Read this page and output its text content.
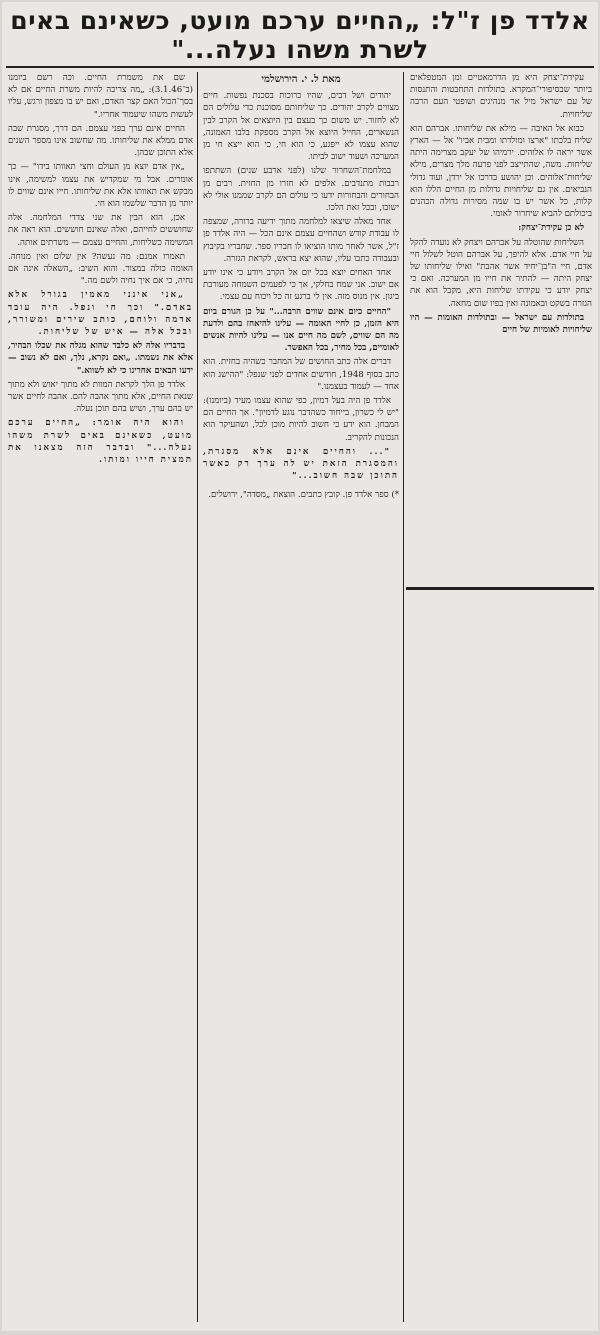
אלדד פן ז"ל: „החיים ערכם מועט, כשאינם באים
לשרת משהו נעלה..."

עקידת־יצחק היא מן הדרמאטיים ומן המטפלאים ביותר שבסיפורי־המקרא. בתולדות התחבטות והתנסות של עם ישראל מיל אר מנהיגים ושופטי העם הרבה שליחויות.

כבוא אל האיבה — מילא את שליחותו. אברהם הוא שליח בלכתו "ארצו ומולדתו ומבית אביו" אל — הארץ אשר יראה לו אלוהים. ירמיהו של יעקב מצרימה היתה שליחות. משה, שהתייצב לפני פרעה מלך מצרים, מילא שליחות־אלוהים. וכן יהושע בדרכו אל ירדן, ועוד גדולי הנביאים. אין גם שליחויות גדולות מן החיים הללו הוא קלות, כל אשר יש בו שמה מסירות גדולה הכהנים ביכולתם להביא שיחרור לאומי.

לא כן עקידת־יצחק:

השליחות שהוטלה על אברהם ויצחק לא נועדה להקל על חיי אדם. אלא להיפך, על אברהם הוטל לשלול חיי אדם, חיי ה"בן־יחיד אשר אהבת" ואילו שליחותו של יצחק היתה — להתיר את חייו מן המערכה. ואם כי יצחק יודע כי עקידתו שליחות היא, מקבל הוא את הגזרה בשקט ובאמונה ואין בפיו שום מחאה.

בתולדות עם ישראל — ובתולדות האומות — היו שליחויות לאומיות של חיים

מאת ל. י. הירושלמי

יהודים ושל דבים, שהיו כרוכות בסכנת נפשות. חיים מצווים לקרב יהודים. כך שליחותם מסוכנת כדי עלולים הם לא לחזור. יש משום כך בעצם בין היוצאים אל הקרב לבין הנשארים, החייל היוצא אל הקרב מספקת בלבו האמונה, שהוא עצמו לא ייפגע, כי הוא חי, כי הוא ייצא חי מן המערכה ושעוד ישוב לביתו.

במלחמת־השחרור שלנו (לפני ארבע שנים) השתתפו רבבות מתנדבים. אלפים לא חזרו מן החזית. רבים מן הבחורים והבחורות ידעו כי עולים הם לקרב שממנו אולי לא ישובו, ובכל זאת הלכו.

אחד מאלה שיצאו למלחמה מתוך ידיעה ברורה, שמצפה לו עבודת קודש ושהחיים עצמם אינם הכל — היה אלדד פן ז"ל, אשר לאחר מותו הוציאו לו חבריו ספר. שחבריו בקיבוץ ובעבודה כתבו עליו, שהוא יצא בראש, לקראת הגזרה.

אחד האחים יוצא בכל יום אל הקרב ויודע כי אינו יודע אם ישוב. אני שמח בחלקי, אך כי לפעמים השמחה מעורבת ביגון. אין מנוס מזה. אין לי ברגע זה כל ויכוח עם עצמי.

"החיים כיום אינם שווים הרבה..." על כן הגורם ביום היא הזמן, כן לחיי האומה — עלינו להיאחז בהם ולדעת מה הם שווים, לשם מה חיים אנו — עלינו להיות אנשים לאומיים, בכל מחיר, בכל האפשר.

דברים אלה כתב החושים של המחבר כשהיה בחזית. הוא כתב בסוף 1948, חודשים אחדים לפני שנפל: "ההישג הוא אחד — לעמוד בעצמנו."

אלדד פן היה בעל דמיון, כפי שהוא עצמו מעיד (ביומנו): "יש לי כשרון, בייחוד כשהדבר נוגע לדמיון". אך החיים הם המבחן. הוא ידע כי חשוב להיות מוכן לכל, ושהעיקר הוא הנכונות להקריב.

"... והחיים אינם אלא מסגרת, והמסגרת הזאת יש לה ערך רק כאשר התוכן שבה חשוב..."

*) ספר אלדד פן. קובץ כתבים. הוצאת „מסדה", ירושלים.

שם את משמרת החיים. וכה רשם ביומנו (ב־3.1.46): „מה צריכה להיות משרת החיים אם לא בסך־הכול האם קצר האדם, ואם יש בו מצפון ורגש, עליו לעשות משהו שיעמוד אחריו."

החיים אינם ערך בפני עצמם. הם דרך, מסגרת שבה אדם ממלא את שליחותו. מה שחשוב אינו מספר השנים אלא התוכן שבהן.

„אין אדם יוצא מן העולם וחצי תאוותו בידו" — כך אומרים. אבל מי שמקדיש את עצמו למשימה, אינו מבקש את תאוותו אלא את שליחותו. חייו אינם שווים לו יותר מן הדבר שלשמו הוא חי.

אכן, הוא הבין את שני צדדי המלחמה. אלה שחוששים לחייהם, ואלה שאינם חוששים. הוא ראה את המשימה כשליחות, והחיים עצמם — משרתים אותה.

תאמרו אמנם: מה נעשה? אין שלום ואין מנוחה. האומה כולה במצור. והוא השיב: „השאלה אינה אם נחיה, כי אם איך נחיה ולשם מה."

„אני אינני מאמין בגורל אלא באדם." וכך חי ונפל. היה עובד אדמה ולוחם, כותב שירים ומשורר, ובכל אלה — איש של שליחות.

בדבריו אלה לא כלבד שהוא מגלה את שכלו הבהיר, אלא את נשמתו. „ואם נקרא, נלך, ואם לא נשוב — ידעו הבאים אחרינו כי לא לשווא."

אלדד פן הלך לקראת המוות לא מתוך יאוש ולא מתוך שנאת החיים, אלא מתוך אהבה להם. אהבה לחיים אשר יש בהם ערך, ושיש בהם תוכן נעלה.

והוא היה אומר: „החיים ערכם מועט, כשאינם באים לשרת משהו נעלה..." ובדבר הזה מצאנו את תמצית חייו ומותו.
